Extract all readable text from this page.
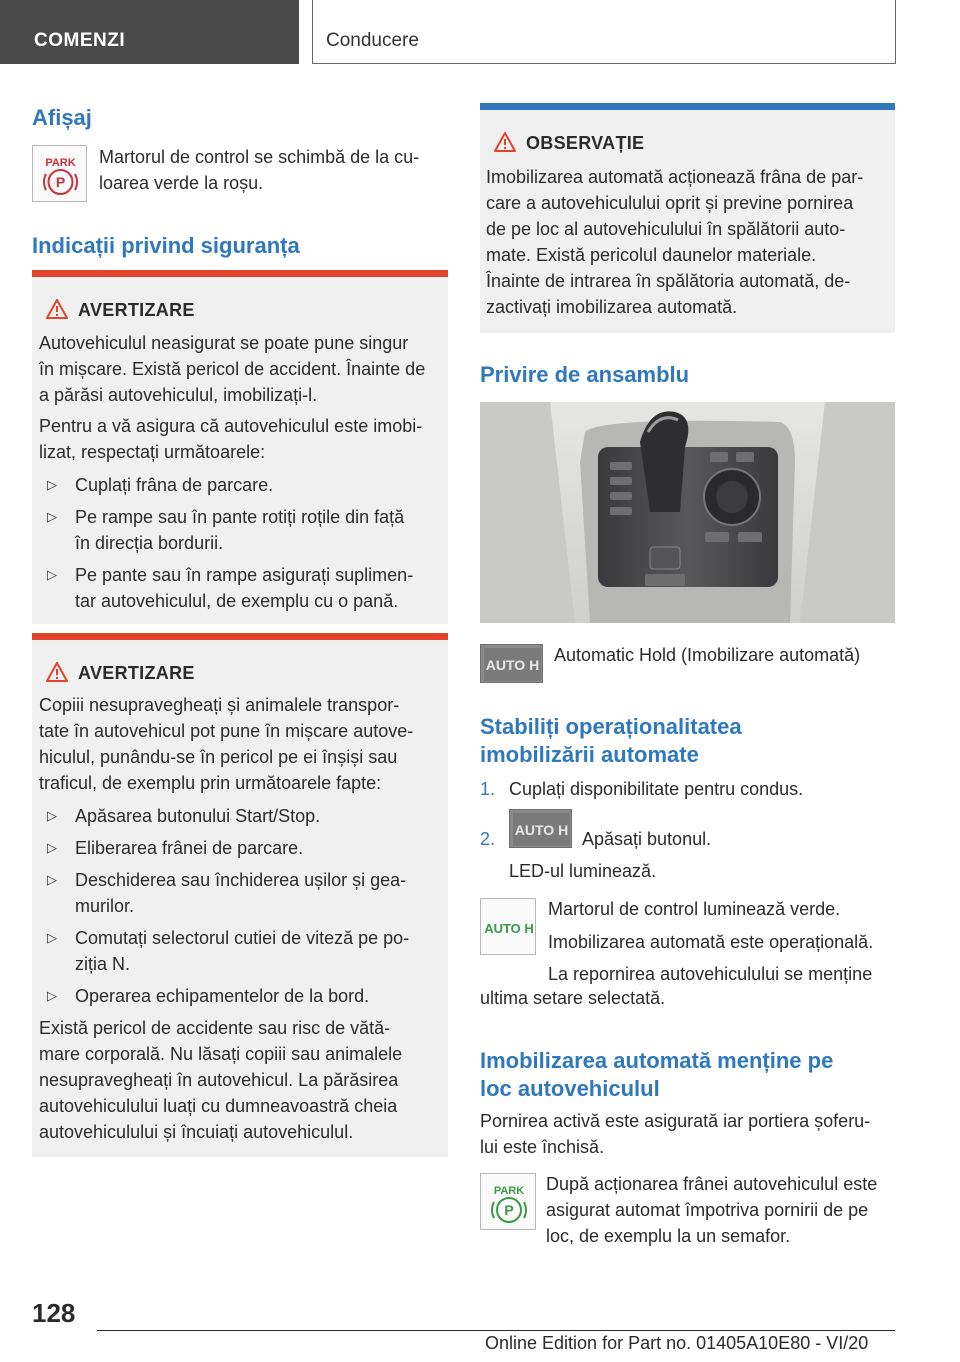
COMENZI	Conducere
Afișaj
PARK
P
Martorul de control se schimbă de la cu-
loarea verde la roșu.
Indicații privind siguranța
AVERTIZARE
Autovehiculul neasigurat se poate pune singur
în mișcare. Există pericol de accident. Înainte de
a părăsi autovehiculul, imobilizați-l.
Pentru a vă asigura că autovehiculul este imobi-
lizat, respectați următoarele:
▷ Cuplați frâna de parcare.
▷ Pe rampe sau în pante rotiți roțile din față
în direcția bordurii.
▷ Pe pante sau în rampe asigurați suplimen-
tar autovehiculul, de exemplu cu o pană.
AVERTIZARE
Copiii nesupravegheați și animalele transpor-
tate în autovehicul pot pune în mișcare autove-
hiculul, punându-se în pericol pe ei înșiși sau
traficul, de exemplu prin următoarele fapte:
▷ Apăsarea butonului Start/Stop.
▷ Eliberarea frânei de parcare.
▷ Deschiderea sau închiderea ușilor și gea-
murilor.
▷ Comutați selectorul cutiei de viteză pe po-
ziția N.
▷ Operarea echipamentelor de la bord.
Există pericol de accidente sau risc de vătă-
mare corporală. Nu lăsați copiii sau animalele
nesupravegheați în autovehicul. La părăsirea
autovehiculului luați cu dumneavoastră cheia
autovehiculului și încuiați autovehiculul.
OBSERVAȚIE
Imobilizarea automată acționează frâna de par-
care a autovehiculului oprit și previne pornirea
de pe loc al autovehiculului în spălătorii auto-
mate. Există pericolul daunelor materiale.
Înainte de intrarea în spălătoria automată, de-
zactivați imobilizarea automată.
Privire de ansamblu
AUTO H Automatic Hold (Imobilizare automată)
Stabiliți operaționalitatea
imobilizării automate
1. Cuplați disponibilitate pentru condus.
2. AUTO H Apăsați butonul.
LED-ul luminează.
AUTO H
Martorul de control luminează verde.
Imobilizarea automată este operațională.
La repornirea autovehiculului se menține
ultima setare selectată.
Imobilizarea automată menține pe
loc autovehiculul
Pornirea activă este asigurată iar portiera șoferu-
lui este închisă.
PARK
P
După acționarea frânei autovehiculul este
asigurat automat împotriva pornirii de pe
loc, de exemplu la un semafor.
128
Online Edition for Part no. 01405A10E80 - VI/20
